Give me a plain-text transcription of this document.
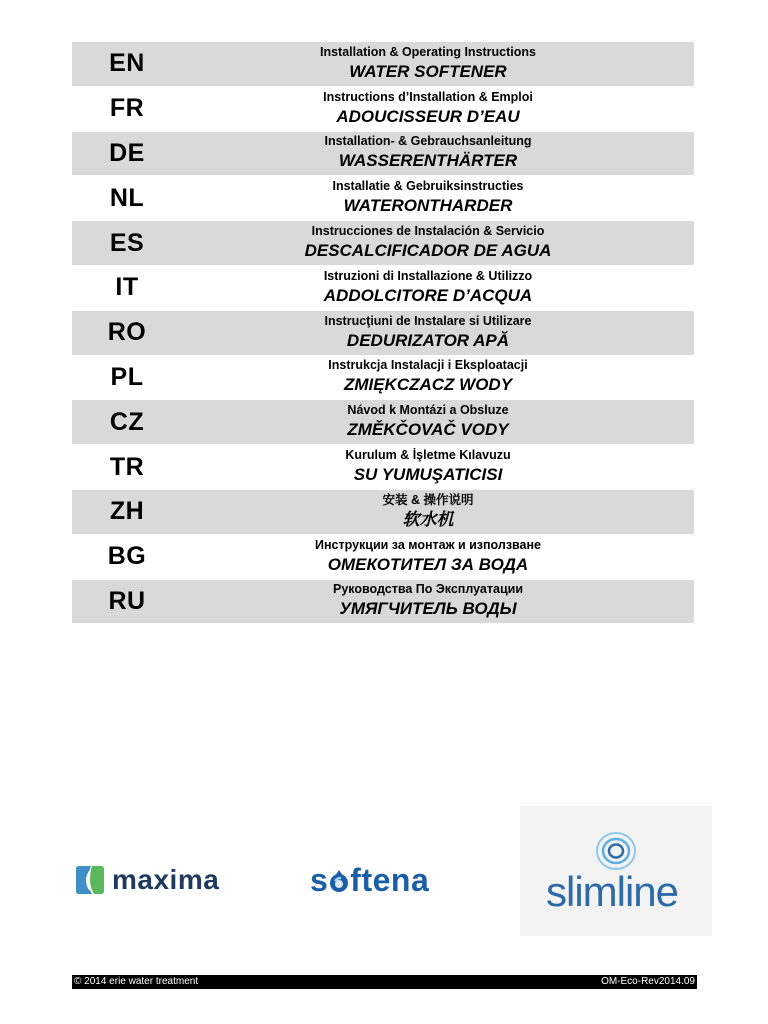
EN	Installation & Operating Instructions
WATER SOFTENER
FR	Instructions d’Installation & Emploi
ADOUCISSEUR D’EAU
DE	Installation- & Gebrauchsanleitung
WASSERENTHÄRTER
NL	Installatie & Gebruiksinstructies
WATERONTHARDER
ES	Instrucciones de Instalación & Servicio
DESCALCIFICADOR DE AGUA
IT	Istruzioni di Installazione & Utilizzo
ADDOLCITORE D’ACQUA
RO	Instrucţiuni de Instalare si Utilizare
DEDURIZATOR APĂ
PL	Instrukcja Instalacji i Eksploatacji
ZMIĘKCZACZ WODY
CZ	Návod k Montázi a Obsluze
ZMĚKČOVAČ VODY
TR	Kurulum & İşletme Kılavuzu
SU YUMUŞATICISI
ZH	安装 & 操作说明
软水机
BG	Инструкции за монтаж и използване
ОМЕКОТИТЕЛ ЗА ВОДА
RU	Руководства По Эксплуатации
УМЯГЧИТЕЛЬ ВОДЫ
maxima	s ftena	slimline
© 2014 erie water treatment	OM-Eco-Rev2014.09
